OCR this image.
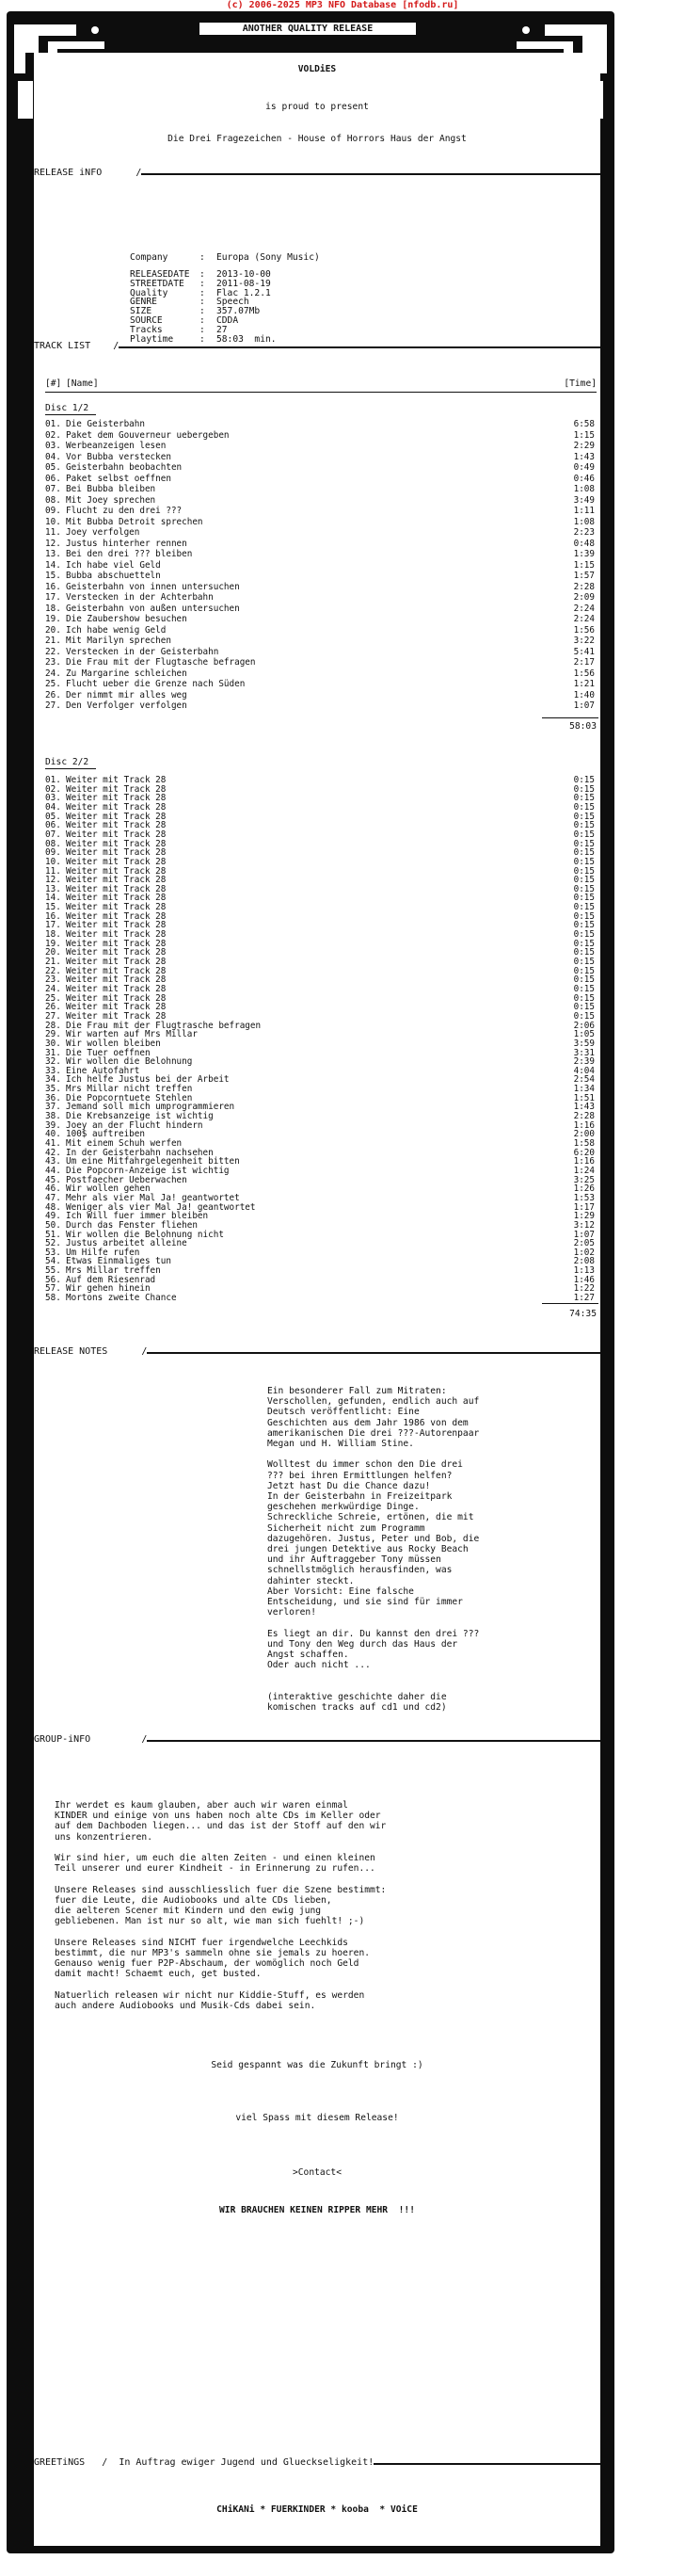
(c) 2006-2025 MP3 NFO Database [nfodb.ru]
ANOTHER QUALITY RELEASE
VOLDiES
is proud to present
Die Drei Fragezeichen - House of Horrors Haus der Angst
RELEASE iNFO      /
Company	: Europa (Sony Music)
RELEASEDATE : 2013-10-00
STREETDATE : 2011-08-19
Quality	: Flac 1.2.1
GENRE	: Speech
SIZE	: 357.07Mb
SOURCE	: CDDA
Tracks	: 27
Playtime	: 58:03  min.
TRACK LIST    /
[#] [Name]	[Time]
Disc 1/2
01. Die Geisterbahn	6:58
02. Paket dem Gouverneur uebergeben	1:15
03. Werbeanzeigen lesen	2:29
04. Vor Bubba verstecken	1:43
05. Geisterbahn beobachten	0:49
06. Paket selbst oeffnen	0:46
07. Bei Bubba bleiben	1:08
08. Mit Joey sprechen	3:49
09. Flucht zu den drei ???	1:11
10. Mit Bubba Detroit sprechen	1:08
11. Joey verfolgen	2:23
12. Justus hinterher rennen	0:48
13. Bei den drei ??? bleiben	1:39
14. Ich habe viel Geld	1:15
15. Bubba abschuetteln	1:57
16. Geisterbahn von innen untersuchen	2:28
17. Verstecken in der Achterbahn	2:09
18. Geisterbahn von außen untersuchen	2:24
19. Die Zaubershow besuchen	2:24
20. Ich habe wenig Geld	1:56
21. Mit Marilyn sprechen	3:22
22. Verstecken in der Geisterbahn	5:41
23. Die Frau mit der Flugtasche befragen	2:17
24. Zu Margarine schleichen	1:56
25. Flucht ueber die Grenze nach Süden	1:21
26. Der nimmt mir alles weg	1:40
27. Den Verfolger verfolgen	1:07
58:03
Disc 2/2
01. Weiter mit Track 28	0:15
02. Weiter mit Track 28	0:15
03. Weiter mit Track 28	0:15
04. Weiter mit Track 28	0:15
05. Weiter mit Track 28	0:15
06. Weiter mit Track 28	0:15
07. Weiter mit Track 28	0:15
08. Weiter mit Track 28	0:15
09. Weiter mit Track 28	0:15
10. Weiter mit Track 28	0:15
11. Weiter mit Track 28	0:15
12. Weiter mit Track 28	0:15
13. Weiter mit Track 28	0:15
14. Weiter mit Track 28	0:15
15. Weiter mit Track 28	0:15
16. Weiter mit Track 28	0:15
17. Weiter mit Track 28	0:15
18. Weiter mit Track 28	0:15
19. Weiter mit Track 28	0:15
20. Weiter mit Track 28	0:15
21. Weiter mit Track 28	0:15
22. Weiter mit Track 28	0:15
23. Weiter mit Track 28	0:15
24. Weiter mit Track 28	0:15
25. Weiter mit Track 28	0:15
26. Weiter mit Track 28	0:15
27. Weiter mit Track 28	0:15
28. Die Frau mit der Flugtrasche befragen	2:06
29. Wir warten auf Mrs Millar	1:05
30. Wir wollen bleiben	3:59
31. Die Tuer oeffnen	3:31
32. Wir wollen die Belohnung	2:39
33. Eine Autofahrt	4:04
34. Ich helfe Justus bei der Arbeit	2:54
35. Mrs Millar nicht treffen	1:34
36. Die Popcorntuete Stehlen	1:51
37. Jemand soll mich umprogrammieren	1:43
38. Die Krebsanzeige ist wichtig	2:28
39. Joey an der Flucht hindern	1:16
40. 100$ auftreiben	2:00
41. Mit einem Schuh werfen	1:58
42. In der Geisterbahn nachsehen	6:20
43. Um eine Mitfahrgelegenheit bitten	1:16
44. Die Popcorn-Anzeige ist wichtig	1:24
45. Postfaecher Ueberwachen	3:25
46. Wir wollen gehen	1:26
47. Mehr als vier Mal Ja! geantwortet	1:53
48. Weniger als vier Mal Ja! geantwortet	1:17
49. Ich Will fuer immer bleiben	1:29
50. Durch das Fenster fliehen	3:12
51. Wir wollen die Belohnung nicht	1:07
52. Justus arbeitet alleine	2:05
53. Um Hilfe rufen	1:02
54. Etwas Einmaliges tun	2:08
55. Mrs Millar treffen	1:13
56. Auf dem Riesenrad	1:46
57. Wir gehen hinein	1:22
58. Mortons zweite Chance	1:27
74:35
RELEASE NOTES      /
Ein besonderer Fall zum Mitraten:
Verschollen, gefunden, endlich auch auf
Deutsch veröffentlicht: Eine
Geschichten aus dem Jahr 1986 von dem
amerikanischen Die drei ???-Autorenpaar
Megan und H. William Stine.
Wolltest du immer schon den Die drei
??? bei ihren Ermittlungen helfen?
Jetzt hast Du die Chance dazu!
In der Geisterbahn in Freizeitpark
geschehen merkwürdige Dinge.
Schreckliche Schreie, ertönen, die mit
Sicherheit nicht zum Programm
dazugehören. Justus, Peter und Bob, die
drei jungen Detektive aus Rocky Beach
und ihr Auftraggeber Tony müssen
schnellstmöglich herausfinden, was
dahinter steckt.
Aber Vorsicht: Eine falsche
Entscheidung, und sie sind für immer
verloren!
Es liegt an dir. Du kannst den drei ???
und Tony den Weg durch das Haus der
Angst schaffen.
Oder auch nicht ...
(interaktive geschichte daher die
komischen tracks auf cd1 und cd2)
GROUP-iNFO         /
Ihr werdet es kaum glauben, aber auch wir waren einmal
KINDER und einige von uns haben noch alte CDs im Keller oder
auf dem Dachboden liegen... und das ist der Stoff auf den wir
uns konzentrieren.
Wir sind hier, um euch die alten Zeiten - und einen kleinen
Teil unserer und eurer Kindheit - in Erinnerung zu rufen...
Unsere Releases sind ausschliesslich fuer die Szene bestimmt:
fuer die Leute, die Audiobooks und alte CDs lieben,
die aelteren Scener mit Kindern und den ewig jung
gebliebenen. Man ist nur so alt, wie man sich fuehlt! ;-)
Unsere Releases sind NICHT fuer irgendwelche Leechkids
bestimmt, die nur MP3's sammeln ohne sie jemals zu hoeren.
Genauso wenig fuer P2P-Abschaum, der womöglich noch Geld
damit macht! Schaemt euch, get busted.
Natuerlich releasen wir nicht nur Kiddie-Stuff, es werden
auch andere Audiobooks und Musik-Cds dabei sein.
Seid gespannt was die Zukunft bringt :)
viel Spass mit diesem Release!
>Contact<
WIR BRAUCHEN KEINEN RIPPER MEHR  !!!
GREETiNGS   /  In Auftrag ewiger Jugend und Glueckseligkeit!
CHiKANi * FUERKINDER * kooba  * VOiCE
